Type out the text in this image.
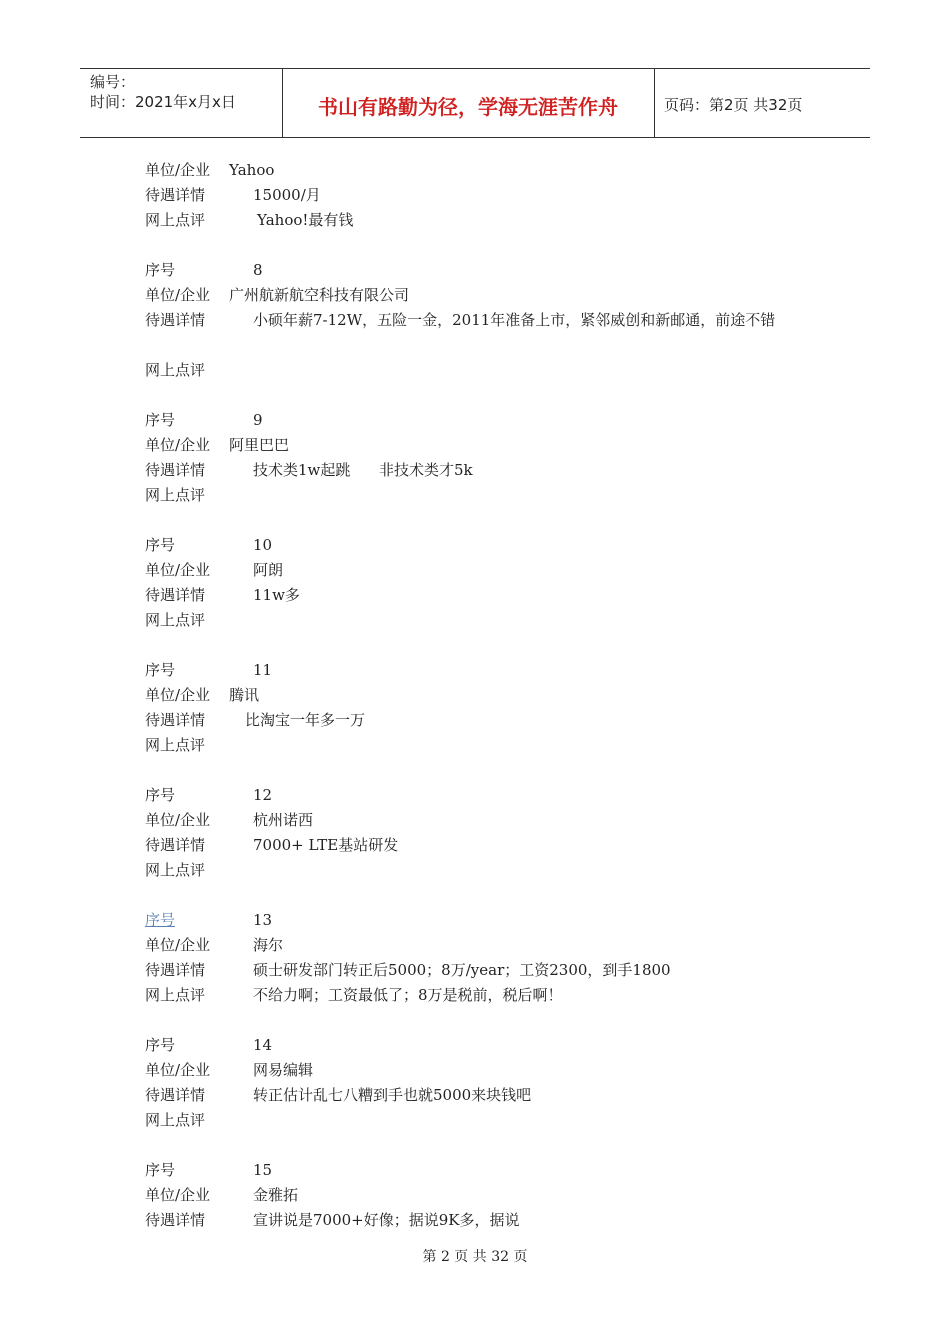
编号：
时间：2021年x月x日	书山有路勤为径，学海无涯苦作舟	页码：第2页 共32页
单位/企业 Yahoo
待遇详情	15000/月
网上点评	Yahoo!最有钱
序号	8
单位/企业 广州航新航空科技有限公司
待遇详情	小硕年薪7-12W，五险一金，2011年准备上市，紧邻威创和新邮通，前途不错
网上点评
序号	9
单位/企业 阿里巴巴
待遇详情	技术类1w起跳      非技术类才5k
网上点评
序号	10
单位/企业	阿朗
待遇详情	11w多
网上点评
序号	11
单位/企业 腾讯
待遇详情	比淘宝一年多一万
网上点评
序号	12
单位/企业	杭州诺西
待遇详情	7000+ LTE基站研发
网上点评
序号	13
单位/企业	海尔
待遇详情	硕士研发部门转正后5000；8万/year；工资2300，到手1800
网上点评	不给力啊；工资最低了；8万是税前，税后啊！
序号	14
单位/企业	网易编辑
待遇详情	转正估计乱七八糟到手也就5000来块钱吧
网上点评
序号	15
单位/企业	金雅拓
待遇详情	宣讲说是7000+好像；据说9K多，据说
第 2 页 共 32 页
